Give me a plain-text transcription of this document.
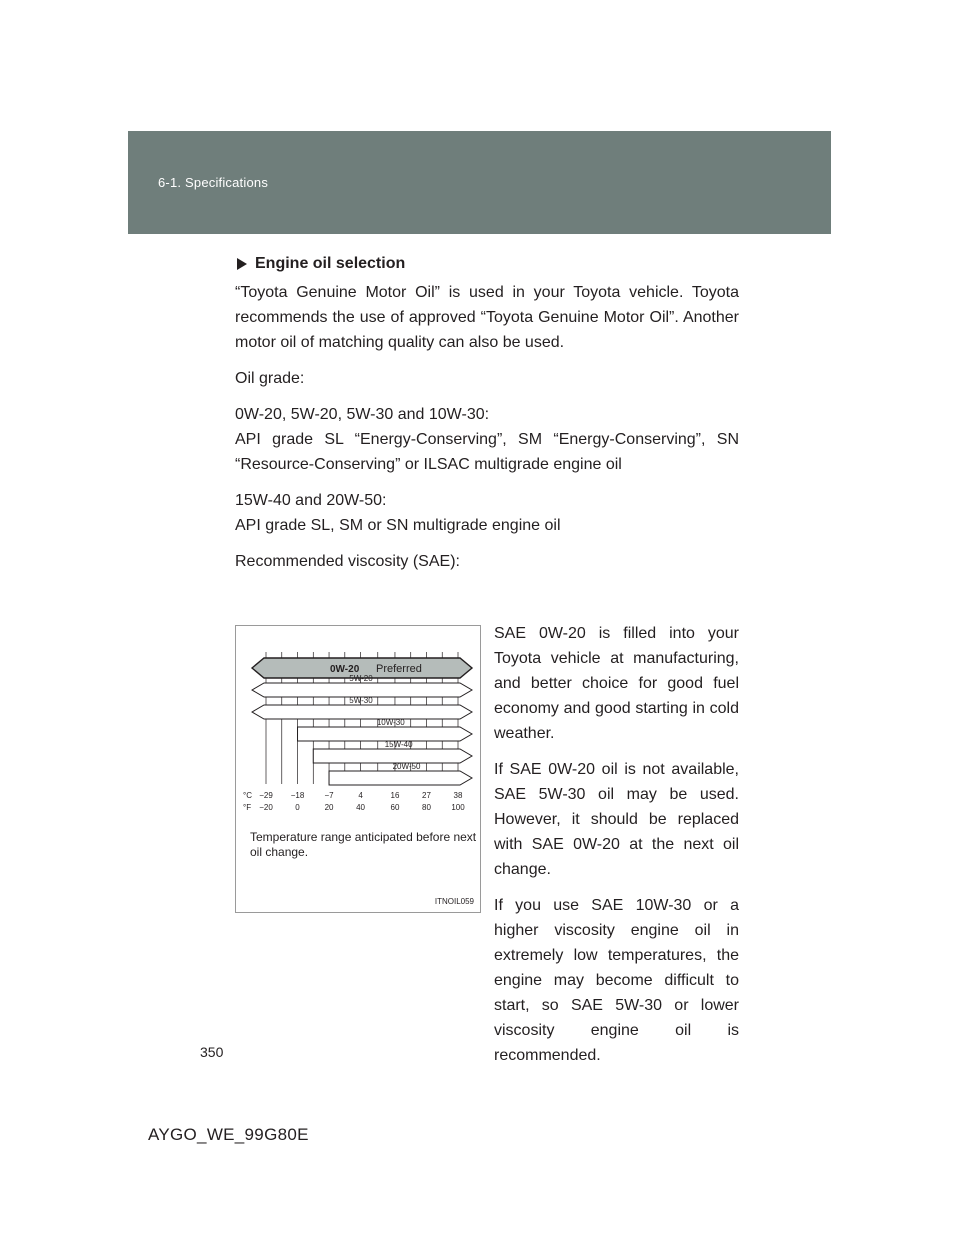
6-1. Specifications
Engine oil selection

“Toyota Genuine Motor Oil” is used in your Toyota vehicle. Toyota recommends the use of approved “Toyota Genuine Motor Oil”. Another motor oil of matching quality can also be used.

Oil grade:

0W-20, 5W-20, 5W-30 and 10W-30:
API grade SL “Energy-Conserving”, SM “Energy-Conserving”, SN “Resource-Conserving” or ILSAC multigrade engine oil

15W-40 and 20W-50:
API grade SL, SM or SN multigrade engine oil

Recommended viscosity (SAE):

0W-20 Preferred
5W-20
5W-30
10W-30
15W-40
20W-50
°C
°F
−29 −18	−7	4	16	27	38
−20	0	20	40	60	80	100
Temperature range anticipated before next oil change.
ITNOIL059

SAE 0W-20 is filled into your Toyota vehicle at manufacturing, and better choice for good fuel economy and good starting in cold weather.

If SAE 0W-20 oil is not available, SAE 5W-30 oil may be used. However, it should be replaced with SAE 0W-20 at the next oil change.

If you use SAE 10W-30 or a higher viscosity engine oil in extremely low temperatures, the engine may become difficult to start, so SAE 5W-30 or lower viscosity engine oil is recommended.

350
AYGO_WE_99G80E
